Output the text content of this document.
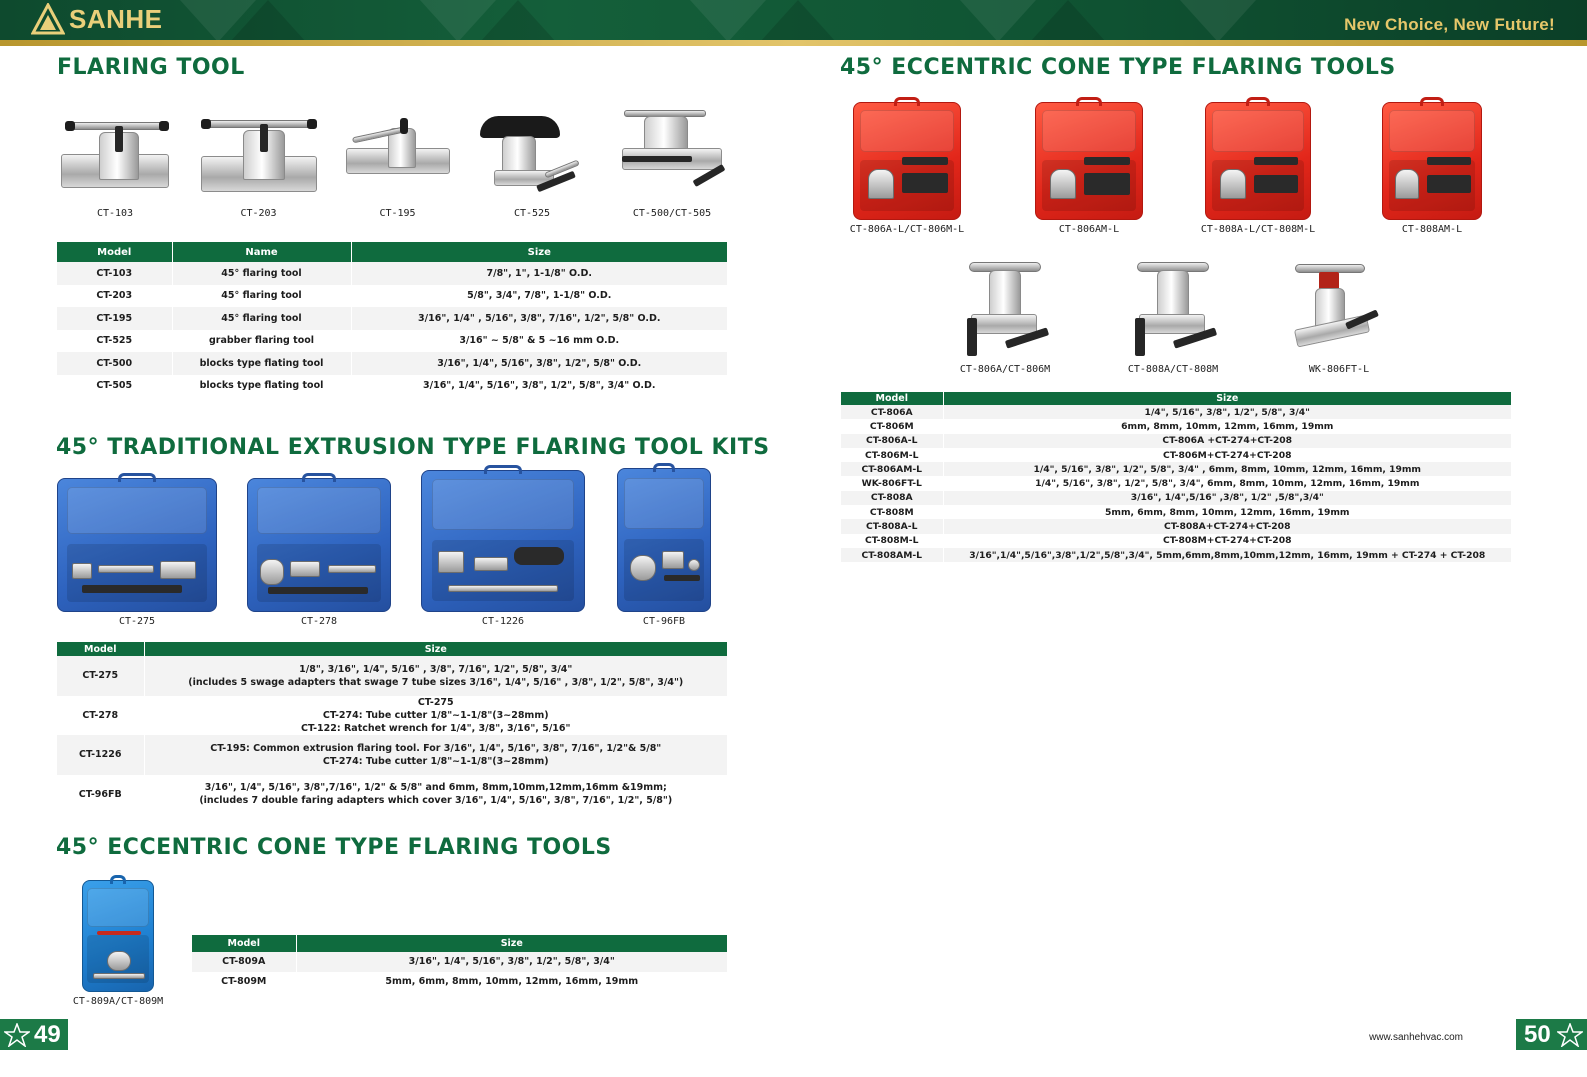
SANHE	New Choice, New Future!
FLARING TOOL
CT-103	CT-203	CT-195	CT-525	CT-500/CT-505
Model	Name	Size
CT-103	45° flaring tool	7/8", 1", 1-1/8" O.D.
CT-203	45° flaring tool	5/8", 3/4", 7/8", 1-1/8" O.D.
CT-195	45° flaring tool	3/16", 1/4" , 5/16", 3/8", 7/16", 1/2", 5/8" O.D.
CT-525	grabber flaring tool	3/16" ~ 5/8" & 5 ~16 mm O.D.
CT-500	blocks type flating tool	3/16", 1/4", 5/16", 3/8", 1/2", 5/8" O.D.
CT-505	blocks type flating tool	3/16", 1/4", 5/16", 3/8", 1/2", 5/8", 3/4" O.D.
45° TRADITIONAL EXTRUSION TYPE FLARING TOOL KITS
CT-275	CT-278	CT-1226	CT-96FB
Model	Size
CT-275	1/8", 3/16", 1/4", 5/16" , 3/8", 7/16", 1/2", 5/8", 3/4"
(includes 5 swage adapters that swage 7 tube sizes 3/16", 1/4", 5/16" , 3/8", 1/2", 5/8", 3/4")
CT-278	CT-275
CT-274: Tube cutter 1/8"~1-1/8"(3~28mm)
CT-122: Ratchet wrench for 1/4", 3/8", 3/16", 5/16"
CT-1226	CT-195: Common extrusion flaring tool. For 3/16", 1/4", 5/16", 3/8", 7/16", 1/2"& 5/8"
CT-274: Tube cutter 1/8"~1-1/8"(3~28mm)
CT-96FB	3/16", 1/4", 5/16", 3/8",7/16", 1/2" & 5/8" and 6mm, 8mm,10mm,12mm,16mm &19mm;
(includes 7 double faring adapters which cover 3/16", 1/4", 5/16", 3/8", 7/16", 1/2", 5/8")
45° ECCENTRIC CONE TYPE FLARING TOOLS
CT-809A/CT-809M
Model	Size
CT-809A	3/16", 1/4", 5/16", 3/8", 1/2", 5/8", 3/4"
CT-809M	5mm, 6mm, 8mm, 10mm, 12mm, 16mm, 19mm
45° ECCENTRIC CONE TYPE FLARING TOOLS
CT-806A-L/CT-806M-L	CT-806AM-L	CT-808A-L/CT-808M-L	CT-808AM-L
CT-806A/CT-806M	CT-808A/CT-808M	WK-806FT-L
Model	Size
CT-806A	1/4", 5/16", 3/8", 1/2", 5/8", 3/4"
CT-806M	6mm, 8mm, 10mm, 12mm, 16mm, 19mm
CT-806A-L	CT-806A +CT-274+CT-208
CT-806M-L	CT-806M+CT-274+CT-208
CT-806AM-L	1/4", 5/16", 3/8", 1/2", 5/8", 3/4" , 6mm, 8mm, 10mm, 12mm, 16mm, 19mm
WK-806FT-L	1/4", 5/16", 3/8", 1/2", 5/8", 3/4", 6mm, 8mm, 10mm, 12mm, 16mm, 19mm
CT-808A	3/16", 1/4",5/16" ,3/8", 1/2" ,5/8",3/4"
CT-808M	5mm, 6mm, 8mm, 10mm, 12mm, 16mm, 19mm
CT-808A-L	CT-808A+CT-274+CT-208
CT-808M-L	CT-808M+CT-274+CT-208
CT-808AM-L	3/16",1/4",5/16",3/8",1/2",5/8",3/4", 5mm,6mm,8mm,10mm,12mm, 16mm, 19mm + CT-274 + CT-208
49	www.sanhehvac.com	50
